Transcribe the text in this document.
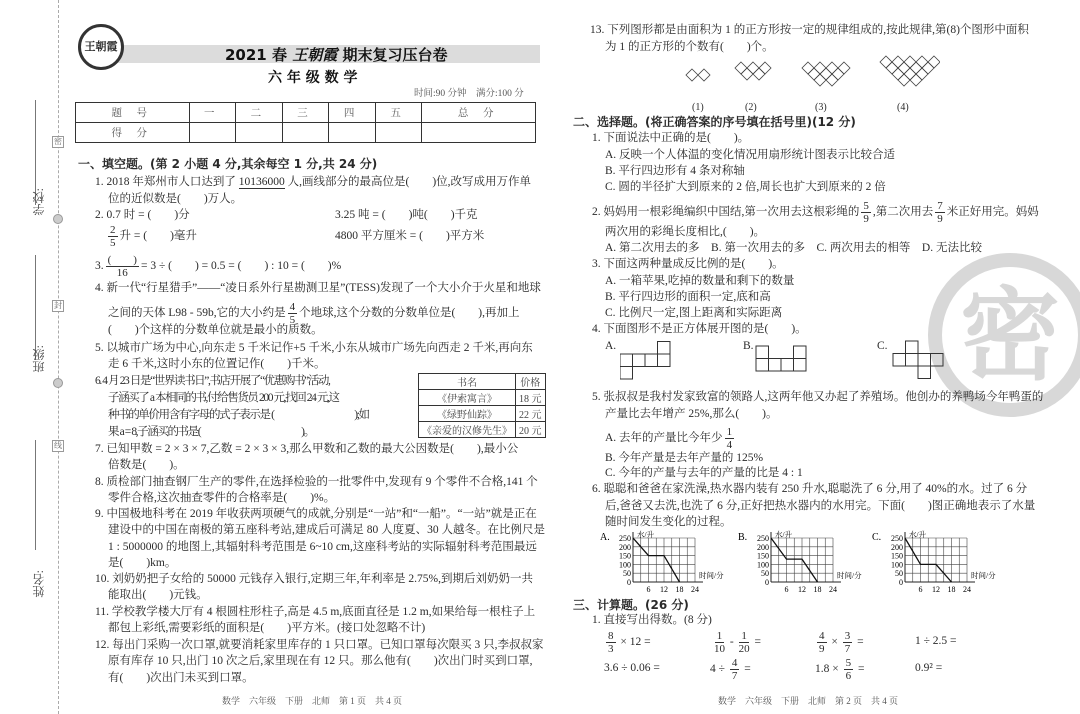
学校:
班级:
姓名:
密
封
线
王朝霞	2021 春 王朝霞 期末复习压台卷
六 年 级 数 学
时间:90 分钟　 满分:100 分
题 号	一	二	三	四	五	总 分
得 分						
一、填空题。(第 2 小题 4 分,其余每空 1 分,共 24 分)
1. 2018 年郑州市人口达到了 10136000 人,画线部分的最高位是(　　)位,改写成用万作单
位的近似数是(　　)万人。
2. 0.7 时 = (　　)分	3.25 吨 = (　　)吨(　　)千克
$\frac{2}{5}$ 升 = (　　)毫升	4800 平方厘米 = (　　)平方米
3.
(　　)
16
= 3 ÷ (　　) = 0.5 = (　　) : 10 = (　　)%
4. 新一代“行星猎手”——“凌日系外行星勘测卫星”(TESS)发现了一个大小介于火星和地球
之间的天体 L98 - 59b,它的大小约是 $\frac{4}{5}$ 个地球,这个分数的分数单位是(　　),再加上
(　　)个这样的分数单位就是最小的质数。
5. 以城市广场为中心,向东走 5 千米记作+5 千米,小东从城市广场先向西走 2 千米,再向东
走 6 千米,这时小东的位置记作(　　)千米。
6. 4 月 23 日是“世界读书日”,书店开展了“优惠购书”活动,
子涵买了 a 本相同的书,付给售货员 200 元,找回 24 元,这
种书的单价用含有字母的式子表示是 (　　　　　　　　);如
果 a = 8,子涵买的书是(　　　　　　　　　　)。
书名	价格
《伊索寓言》	18 元
《绿野仙踪》	22 元
《亲爱的汉修先生》	20 元
7. 已知甲数 = 2 × 3 × 7,乙数 = 2 × 3 × 3,那么甲数和乙数的最大公因数是(　　),最小公
倍数是(　　)。
8. 质检部门抽查钢厂生产的零件,在选择检验的一批零件中,发现有 9 个零件不合格,141 个
零件合格,这次抽查零件的合格率是(　　)%。
9. 中国极地科考在 2019 年收获两项硬气的成就,分别是“一站”和“一船”。“一站”就是正在
建设中的中国在南极的第五座科考站,建成后可满足 80 人度夏、30 人越冬。在比例尺是
1 : 5000000 的地图上,其辐射科考范围是 6~10 cm,这座科考站的实际辐射科考范围最远
是(　　)km。
10. 刘奶奶把子女给的 50000 元钱存入银行,定期三年,年利率是 2.75%,到期后刘奶奶一共
能取出(　　)元钱。
11. 学校教学楼大厅有 4 根圆柱形柱子,高是 4.5 m,底面直径是 1.2 m,如果给每一根柱子上
都包上彩纸,需要彩纸的面积是(　　)平方米。(接口处忽略不计)
12. 每出门采购一次口罩,就要消耗家里库存的 1 只口罩。已知口罩每次限买 3 只,李叔叔家
原有库存 10 只,出门 10 次之后,家里现在有 12 只。那么他有(　　)次出门时买到口罩,
有(　　)次出门未买到口罩。
数学　六年级　下册　北师　第 1 页　共 4 页
密
13. 下列图形都是由面积为 1 的正方形按一定的规律组成的,按此规律,第(8)个图形中面积
为 1 的正方形的个数有(　　)个。
(1)	(2)	(3)	(4)
二、选择题。(将正确答案的序号填在括号里)(12 分)
1. 下面说法中正确的是(　　)。
A. 反映一个人体温的变化情况用扇形统计图表示比较合适
B. 平行四边形有 4 条对称轴
C. 圆的半径扩大到原来的 2 倍,周长也扩大到原来的 2 倍
2. 妈妈用一根彩绳编织中国结,第一次用去这根彩绳的 $\frac{5}{9}$ ,第二次用去 $\frac{7}{9}$ 米正好用完。妈妈
两次用的彩绳长度相比,(　　)。
A. 第二次用去的多　B. 第一次用去的多　C. 两次用去的相等　D. 无法比较
3. 下面这两种量成反比例的是(　　)。
A. 一箱苹果,吃掉的数量和剩下的数量
B. 平行四边形的面积一定,底和高
C. 比例尺一定,图上距离和实际距离
4. 下面图形不是正方体展开图的是(　　)。
A.	B.	C.
5. 张叔叔是我村发家致富的领路人,这两年他又办起了养殖场。他创办的养鸭场今年鸭蛋的
产量比去年增产 25%,那么(　　)。
A. 去年的产量比今年少 $\frac{1}{4}$
B. 今年产量是去年产量的 125%
C. 今年的产量与去年的产量的比是 4 : 1
6. 聪聪和爸爸在家洗澡,热水器内装有 250 升水,聪聪洗了 6 分,用了 40%的水。过了 6 分
后,爸爸又去洗,也洗了 6 分,正好把热水器内的水用完。下面(　　)图正确地表示了水量
随时间发生变化的过程。
A.
0
50
100
150
200
250
6 12 18 24
水/升
时间/分
B.
0
50
100
150
200
250
6 12 18 24
水/升
时间/分
C.
0
50
100
150
200
250
6 12 18 24
水/升
时间/分
三、计算题。(26 分)
1. 直接写出得数。(8 分)
$\frac{8}{3} \times 12$ =	$\frac{1}{10} - \frac{1}{20}$ =	$\frac{4}{9} \times \frac{3}{7}$ =	1 ÷ 2.5 =
3.6 ÷ 0.06 =	$4 \div \frac{4}{7}$ =	$1.8 \times \frac{5}{6}$ =	0.9² =
数学　六年级　下册　北师　第 2 页　共 4 页
